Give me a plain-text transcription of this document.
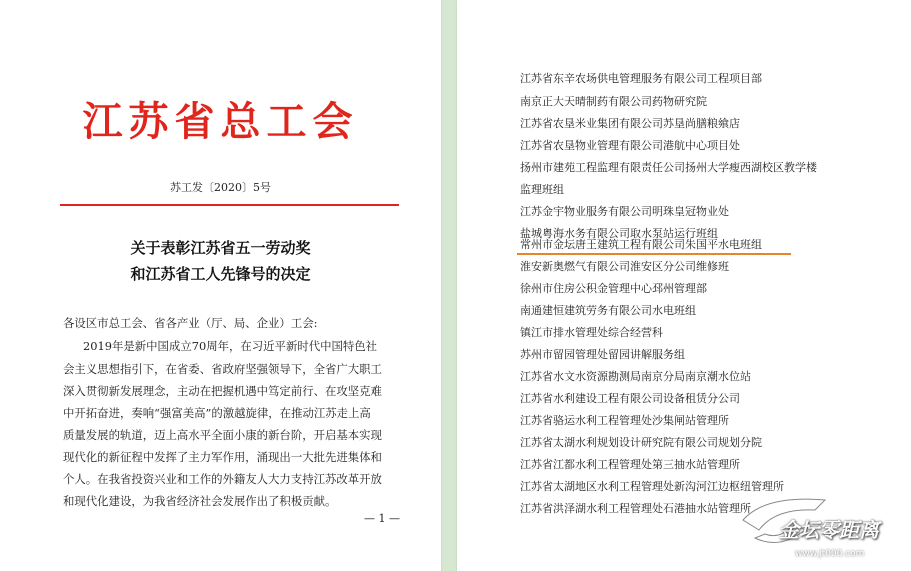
江苏省总工会
苏工发〔2020〕5号
关于表彰江苏省五一劳动奖
和江苏省工人先锋号的决定
各设区市总工会、省各产业（厅、局、企业）工会:
2019年是新中国成立70周年，在习近平新时代中国特色社
会主义思想指引下，在省委、省政府坚强领导下，全省广大职工
深入贯彻新发展理念，主动在把握机遇中笃定前行、在攻坚克难
中开拓奋进，奏响“强富美高”的激越旋律，在推动江苏走上高
质量发展的轨道，迈上高水平全面小康的新台阶，开启基本实现
现代化的新征程中发挥了主力军作用，涌现出一大批先进集体和
个人。在我省投资兴业和工作的外籍友人大力支持江苏改革开放
和现代化建设，为我省经济社会发展作出了积极贡献。
— 1 —
江苏省东辛农场供电管理服务有限公司工程项目部
南京正大天晴制药有限公司药物研究院
江苏省农垦米业集团有限公司苏垦尚膳粮飨店
江苏省农垦物业管理有限公司港航中心项目处
扬州市建苑工程监理有限责任公司扬州大学瘦西湖校区教学楼
监理班组
江苏金宇物业服务有限公司明珠皇冠物业处
盐城粤海水务有限公司取水泵站运行班组
常州市金坛唐王建筑工程有限公司朱国平水电班组
淮安新奥燃气有限公司淮安区分公司维修班
徐州市住房公积金管理中心邳州管理部
南通建恒建筑劳务有限公司水电班组
镇江市排水管理处综合经营科
苏州市留园管理处留园讲解服务组
江苏省水文水资源勘测局南京分局南京潮水位站
江苏省水利建设工程有限公司设备租赁分公司
江苏省骆运水利工程管理处沙集闸站管理所
江苏省太湖水利规划设计研究院有限公司规划分院
江苏省江都水利工程管理处第三抽水站管理所
江苏省太湖地区水利工程管理处新沟河江边枢纽管理所
江苏省洪泽湖水利工程管理处石港抽水站管理所
金坛零距离
www.jt000.com
